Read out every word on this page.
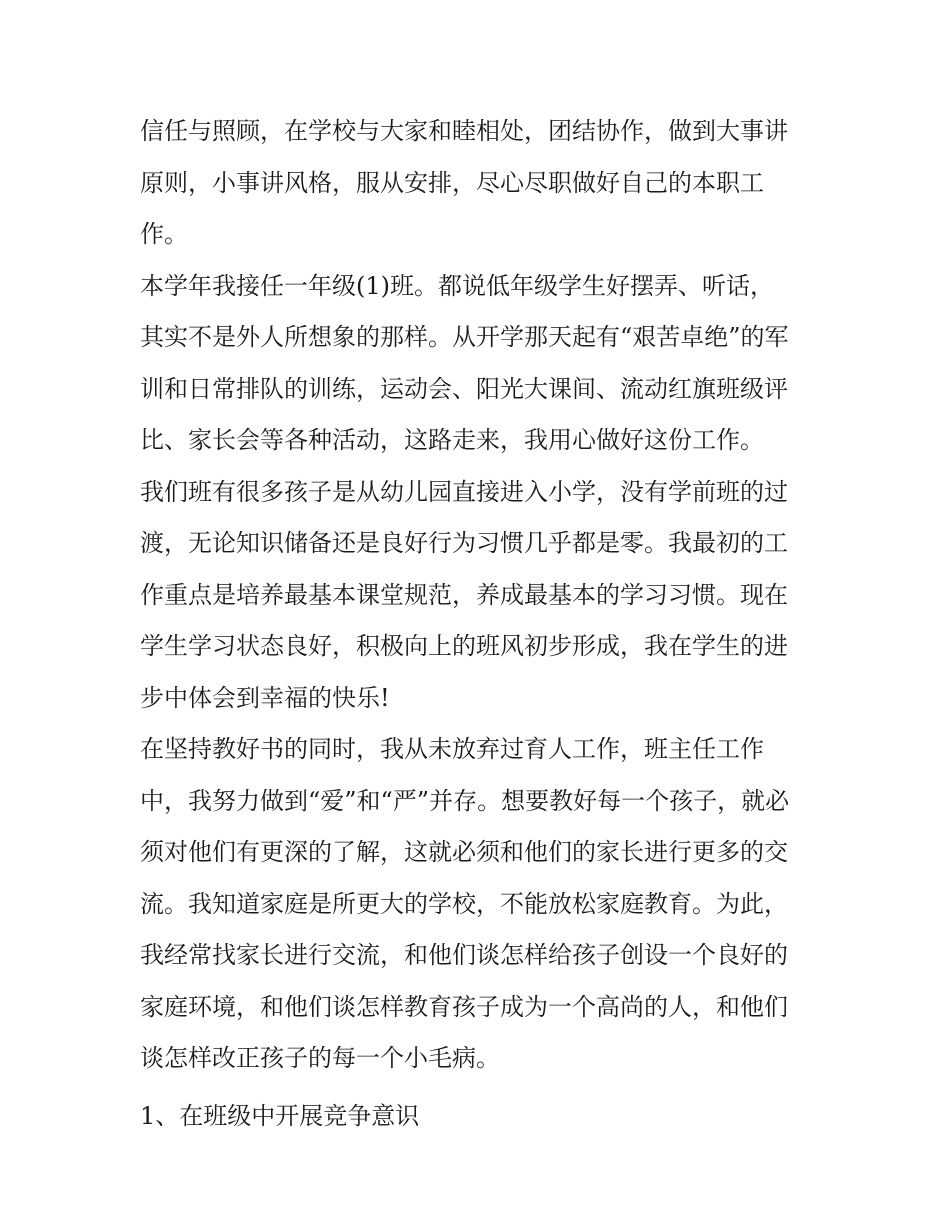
信任与照顾，在学校与大家和睦相处，团结协作，做到大事讲
原则，小事讲风格，服从安排，尽心尽职做好自己的本职工
作。
本学年我接任一年级(1)班。都说低年级学生好摆弄、听话，
其实不是外人所想象的那样。从开学那天起有“艰苦卓绝”的军
训和日常排队的训练，运动会、阳光大课间、流动红旗班级评
比、家长会等各种活动，这路走来，我用心做好这份工作。
我们班有很多孩子是从幼儿园直接进入小学，没有学前班的过
渡，无论知识储备还是良好行为习惯几乎都是零。我最初的工
作重点是培养最基本课堂规范，养成最基本的学习习惯。现在
学生学习状态良好，积极向上的班风初步形成，我在学生的进
步中体会到幸福的快乐!
在坚持教好书的同时，我从未放弃过育人工作，班主任工作
中，我努力做到“爱”和“严”并存。想要教好每一个孩子，就必
须对他们有更深的了解，这就必须和他们的家长进行更多的交
流。我知道家庭是所更大的学校，不能放松家庭教育。为此，
我经常找家长进行交流，和他们谈怎样给孩子创设一个良好的
家庭环境，和他们谈怎样教育孩子成为一个高尚的人，和他们
谈怎样改正孩子的每一个小毛病。
1、在班级中开展竞争意识
